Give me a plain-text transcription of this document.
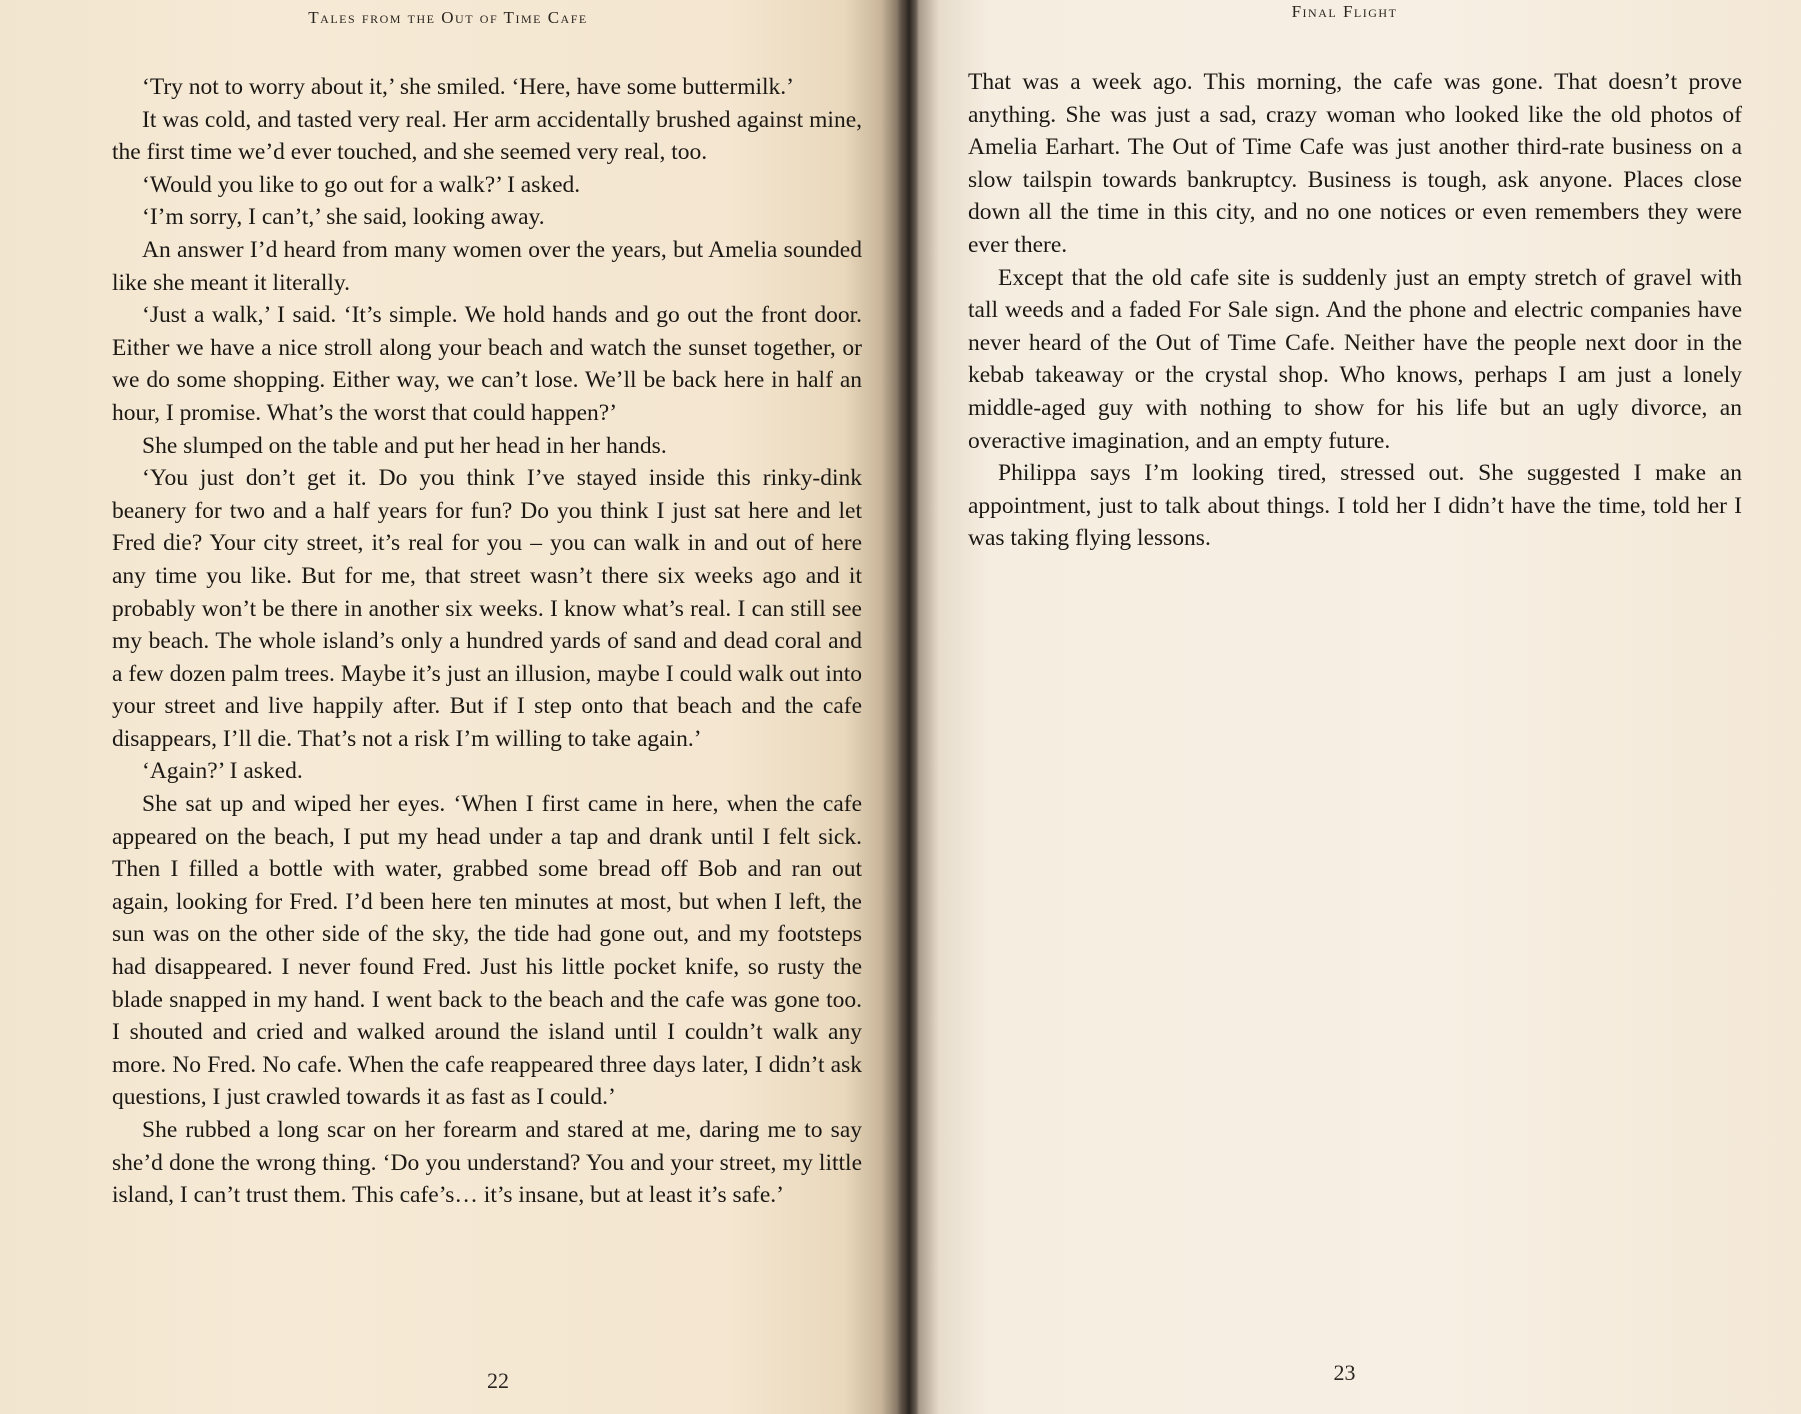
Tales from the Out of Time Cafe

‘Try not to worry about it,’ she smiled. ‘Here, have some buttermilk.’

It was cold, and tasted very real. Her arm accidentally brushed against mine, the first time we’d ever touched, and she seemed very real, too.

‘Would you like to go out for a walk?’ I asked.

‘I’m sorry, I can’t,’ she said, looking away.

An answer I’d heard from many women over the years, but Amelia sounded like she meant it literally.

‘Just a walk,’ I said. ‘It’s simple. We hold hands and go out the front door. Either we have a nice stroll along your beach and watch the sunset together, or we do some shopping. Either way, we can’t lose. We’ll be back here in half an hour, I promise. What’s the worst that could happen?’

She slumped on the table and put her head in her hands.

‘You just don’t get it. Do you think I’ve stayed inside this rinky-dink beanery for two and a half years for fun? Do you think I just sat here and let Fred die? Your city street, it’s real for you – you can walk in and out of here any time you like. But for me, that street wasn’t there six weeks ago and it probably won’t be there in another six weeks. I know what’s real. I can still see my beach. The whole island’s only a hundred yards of sand and dead coral and a few dozen palm trees. Maybe it’s just an illusion, maybe I could walk out into your street and live happily after. But if I step onto that beach and the cafe disappears, I’ll die. That’s not a risk I’m willing to take again.’

‘Again?’ I asked.

She sat up and wiped her eyes. ‘When I first came in here, when the cafe appeared on the beach, I put my head under a tap and drank until I felt sick. Then I filled a bottle with water, grabbed some bread off Bob and ran out again, looking for Fred. I’d been here ten minutes at most, but when I left, the sun was on the other side of the sky, the tide had gone out, and my footsteps had disappeared. I never found Fred. Just his little pocket knife, so rusty the blade snapped in my hand. I went back to the beach and the cafe was gone too. I shouted and cried and walked around the island until I couldn’t walk any more. No Fred. No cafe. When the cafe reappeared three days later, I didn’t ask questions, I just crawled towards it as fast as I could.’

She rubbed a long scar on her forearm and stared at me, daring me to say she’d done the wrong thing. ‘Do you understand? You and your street, my little island, I can’t trust them. This cafe’s… it’s insane, but at least it’s safe.’

22
Final Flight

That was a week ago. This morning, the cafe was gone. That doesn’t prove anything. She was just a sad, crazy woman who looked like the old photos of Amelia Earhart. The Out of Time Cafe was just another third-rate business on a slow tailspin towards bankruptcy. Business is tough, ask anyone. Places close down all the time in this city, and no one notices or even remembers they were ever there.

Except that the old cafe site is suddenly just an empty stretch of gravel with tall weeds and a faded For Sale sign. And the phone and electric companies have never heard of the Out of Time Cafe. Neither have the people next door in the kebab takeaway or the crystal shop. Who knows, perhaps I am just a lonely middle-aged guy with nothing to show for his life but an ugly divorce, an overactive imagination, and an empty future.

Philippa says I’m looking tired, stressed out. She suggested I make an appointment, just to talk about things. I told her I didn’t have the time, told her I was taking flying lessons.

23
